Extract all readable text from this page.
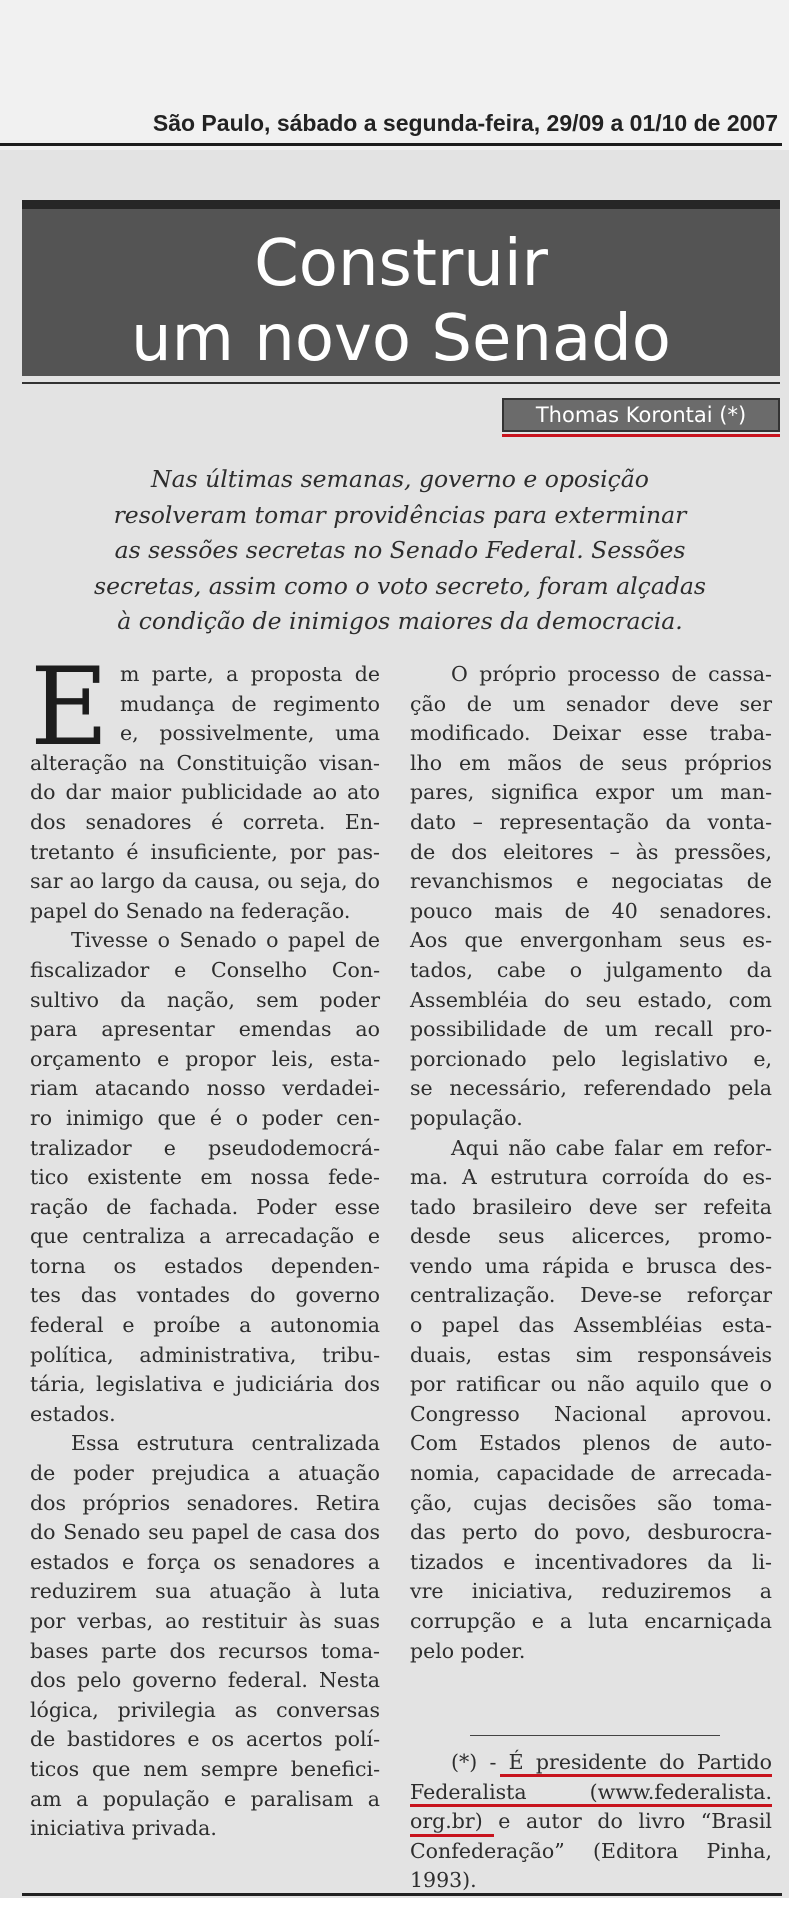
São Paulo, sábado a segunda-feira, 29/09 a 01/10 de 2007
Construir
um novo Senado
Thomas Korontai (*)
Nas últimas semanas, governo e oposição
resolveram tomar providências para exterminar
as sessões secretas no Senado Federal. Sessões
secretas, assim como o voto secreto, foram alçadas
à condição de inimigos maiores da democracia.
E m parte, a proposta de
mudança de regimento
e, possivelmente, uma
alteração na Constituição visan-
do dar maior publicidade ao ato
dos senadores é correta. En-
tretanto é insuficiente, por pas-
sar ao largo da causa, ou seja, do
papel do Senado na federação.
Tivesse o Senado o papel de
fiscalizador e Conselho Con-
sultivo da nação, sem poder
para apresentar emendas ao
orçamento e propor leis, esta-
riam atacando nosso verdadei-
ro inimigo que é o poder cen-
tralizador e pseudodemocrá-
tico existente em nossa fede-
ração de fachada. Poder esse
que centraliza a arrecadação e
torna os estados dependen-
tes das vontades do governo
federal e proíbe a autonomia
política, administrativa, tribu-
tária, legislativa e judiciária dos
estados.
Essa estrutura centralizada
de poder prejudica a atuação
dos próprios senadores. Retira
do Senado seu papel de casa dos
estados e força os senadores a
reduzirem sua atuação à luta
por verbas, ao restituir às suas
bases parte dos recursos toma-
dos pelo governo federal. Nesta
lógica, privilegia as conversas
de bastidores e os acertos polí-
ticos que nem sempre benefici-
am a população e paralisam a
iniciativa privada.
O próprio processo de cassa-
ção de um senador deve ser
modificado. Deixar esse traba-
lho em mãos de seus próprios
pares, significa expor um man-
dato – representação da vonta-
de dos eleitores – às pressões,
revanchismos e negociatas de
pouco mais de 40 senadores.
Aos que envergonham seus es-
tados, cabe o julgamento da
Assembléia do seu estado, com
possibilidade de um recall pro-
porcionado pelo legislativo e,
se necessário, referendado pela
população.
Aqui não cabe falar em refor-
ma. A estrutura corroída do es-
tado brasileiro deve ser refeita
desde seus alicerces, promo-
vendo uma rápida e brusca des-
centralização. Deve-se reforçar
o papel das Assembléias esta-
duais, estas sim responsáveis
por ratificar ou não aquilo que o
Congresso Nacional aprovou.
Com Estados plenos de auto-
nomia, capacidade de arrecada-
ção, cujas decisões são toma-
das perto do povo, desburocra-
tizados e incentivadores da li-
vre iniciativa, reduziremos a
corrupção e a luta encarniçada
pelo poder.
(*) - É presidente do Partido
Federalista (www.federalista.
org.br) e autor do livro “Brasil
Confederação” (Editora Pinha,
1993).
